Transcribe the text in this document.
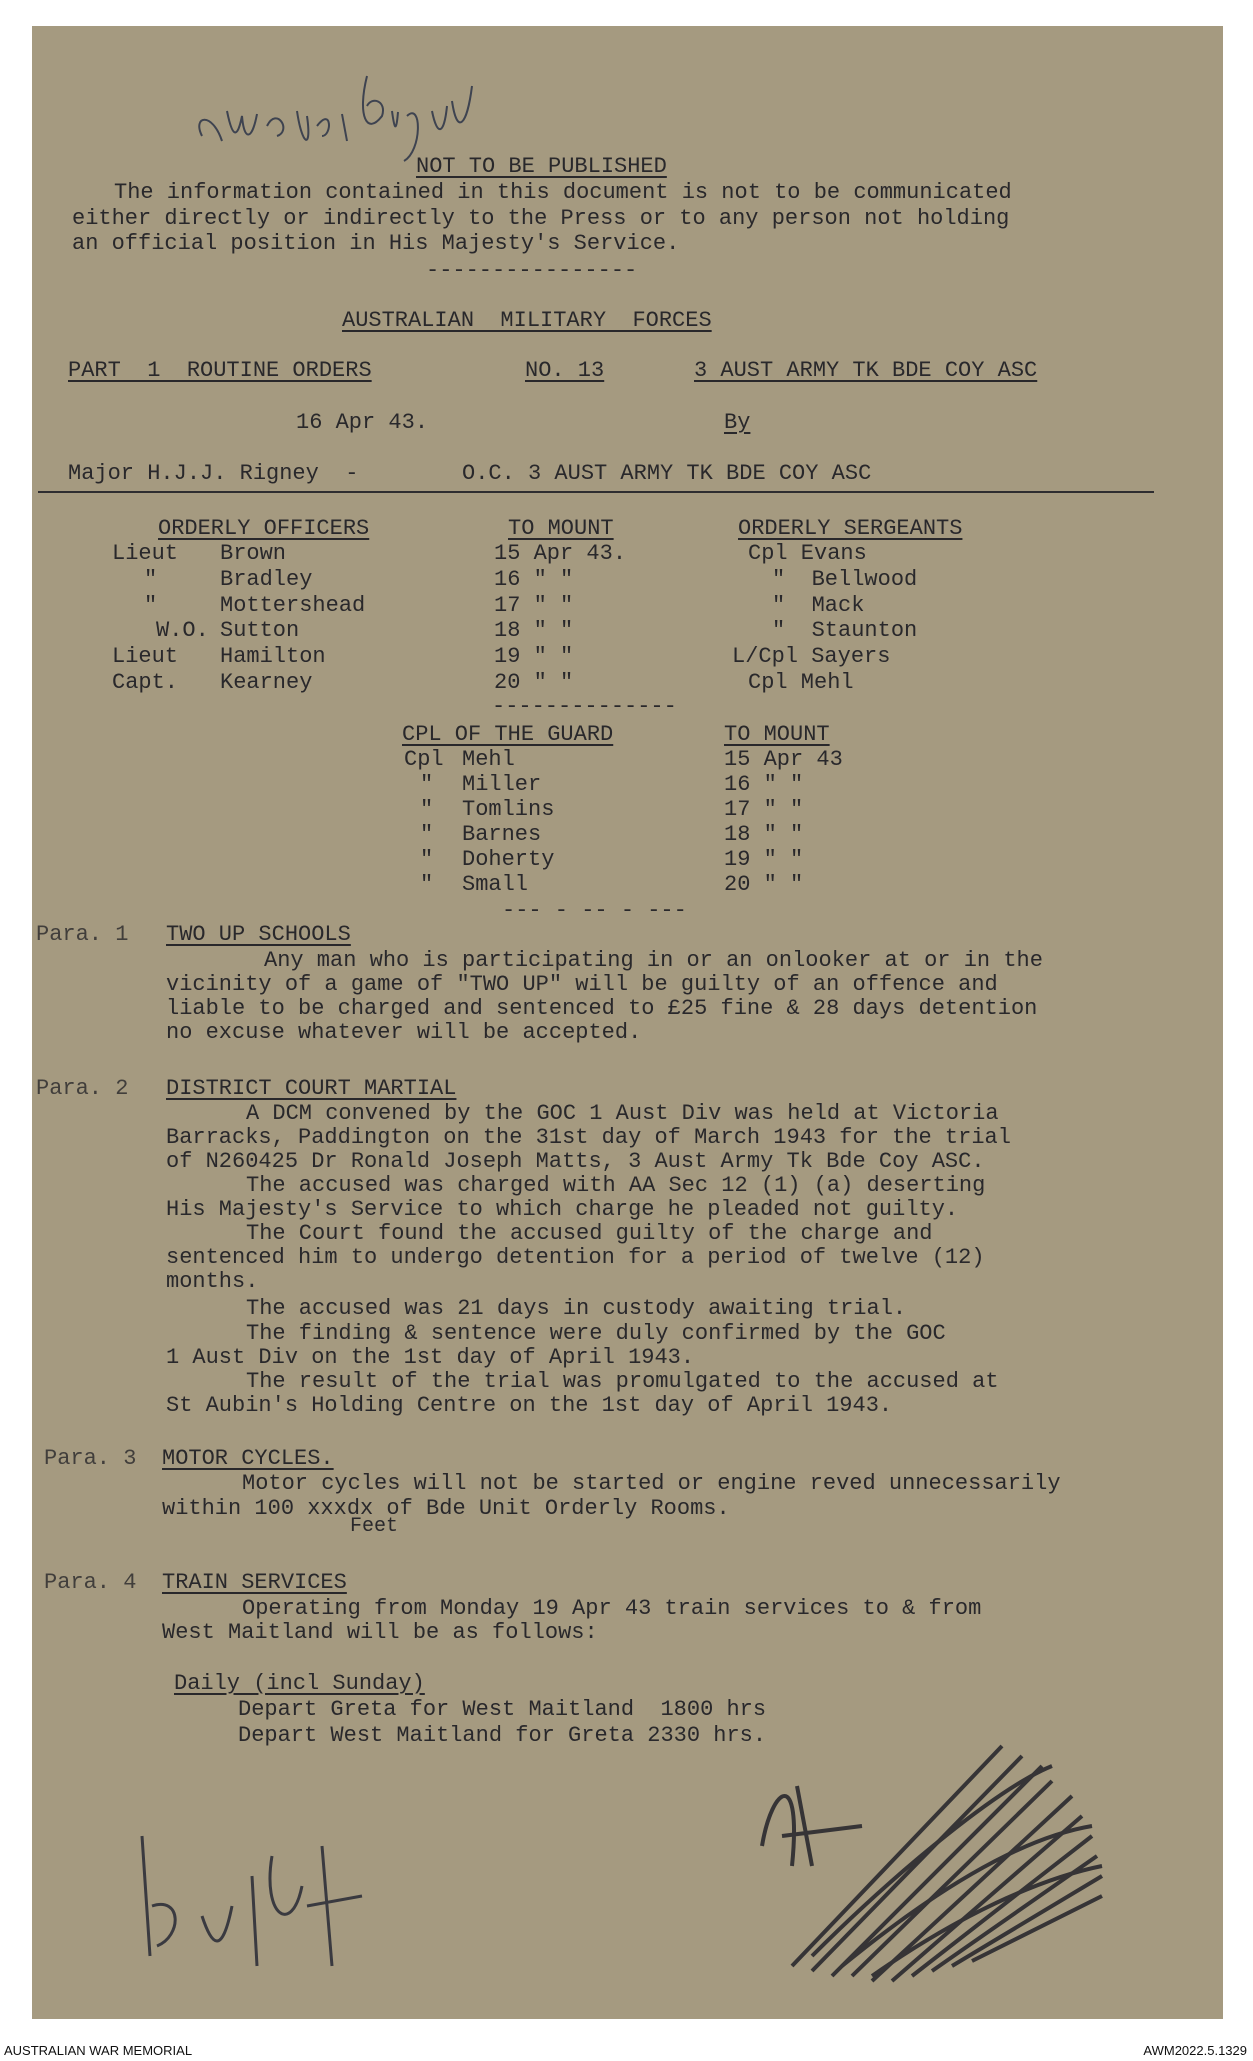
NOT TO BE PUBLISHED
The information contained in this document is not to be communicated
either directly or indirectly to the Press or to any person not holding
an official position in His Majesty's Service.
----------------
AUSTRALIAN  MILITARY  FORCES
PART  1  ROUTINE ORDERS	NO. 13	3 AUST ARMY TK BDE COY ASC
16 Apr 43.	By
Major H.J.J. Rigney  -	O.C. 3 AUST ARMY TK BDE COY ASC
ORDERLY OFFICERS	TO MOUNT	ORDERLY SERGEANTS
Lieut Brown	15 Apr 43.	Cpl Evans
"	Bradley	16 " "	"  Bellwood
"	Mottershead	17 " "	"  Mack
W.O. Sutton	18 " "	"  Staunton
Lieut Hamilton	19 " "	L/Cpl Sayers
Capt. Kearney	20 " "	Cpl Mehl
--------------
CPL OF THE GUARD	TO MOUNT
Cpl Mehl	15 Apr 43
" Miller	16 " "
" Tomlins	17 " "
" Barnes	18 " "
" Doherty	19 " "
" Small	20 " "
--- - -- - ---
Para. 1 TWO UP SCHOOLS
Any man who is participating in or an onlooker at or in the
vicinity of a game of "TWO UP" will be guilty of an offence and
liable to be charged and sentenced to £25 fine & 28 days detention
no excuse whatever will be accepted.
Para. 2 DISTRICT COURT MARTIAL
A DCM convened by the GOC 1 Aust Div was held at Victoria
Barracks, Paddington on the 31st day of March 1943 for the trial
of N260425 Dr Ronald Joseph Matts, 3 Aust Army Tk Bde Coy ASC.
The accused was charged with AA Sec 12 (1) (a) deserting
His Majesty's Service to which charge he pleaded not guilty.
The Court found the accused guilty of the charge and
sentenced him to undergo detention for a period of twelve (12)
months.
The accused was 21 days in custody awaiting trial.
The finding & sentence were duly confirmed by the GOC
1 Aust Div on the 1st day of April 1943.
The result of the trial was promulgated to the accused at
St Aubin's Holding Centre on the 1st day of April 1943.
Para. 3 MOTOR CYCLES.
Motor cycles will not be started or engine reved unnecessarily
within 100 xxxdx of Bde Unit Orderly Rooms.
Feet
Para. 4 TRAIN SERVICES
Operating from Monday 19 Apr 43 train services to & from
West Maitland will be as follows:
Daily (incl Sunday)
Depart Greta for West Maitland  1800 hrs
Depart West Maitland for Greta 2330 hrs.
AUSTRALIAN WAR MEMORIAL	AWM2022.5.1329
